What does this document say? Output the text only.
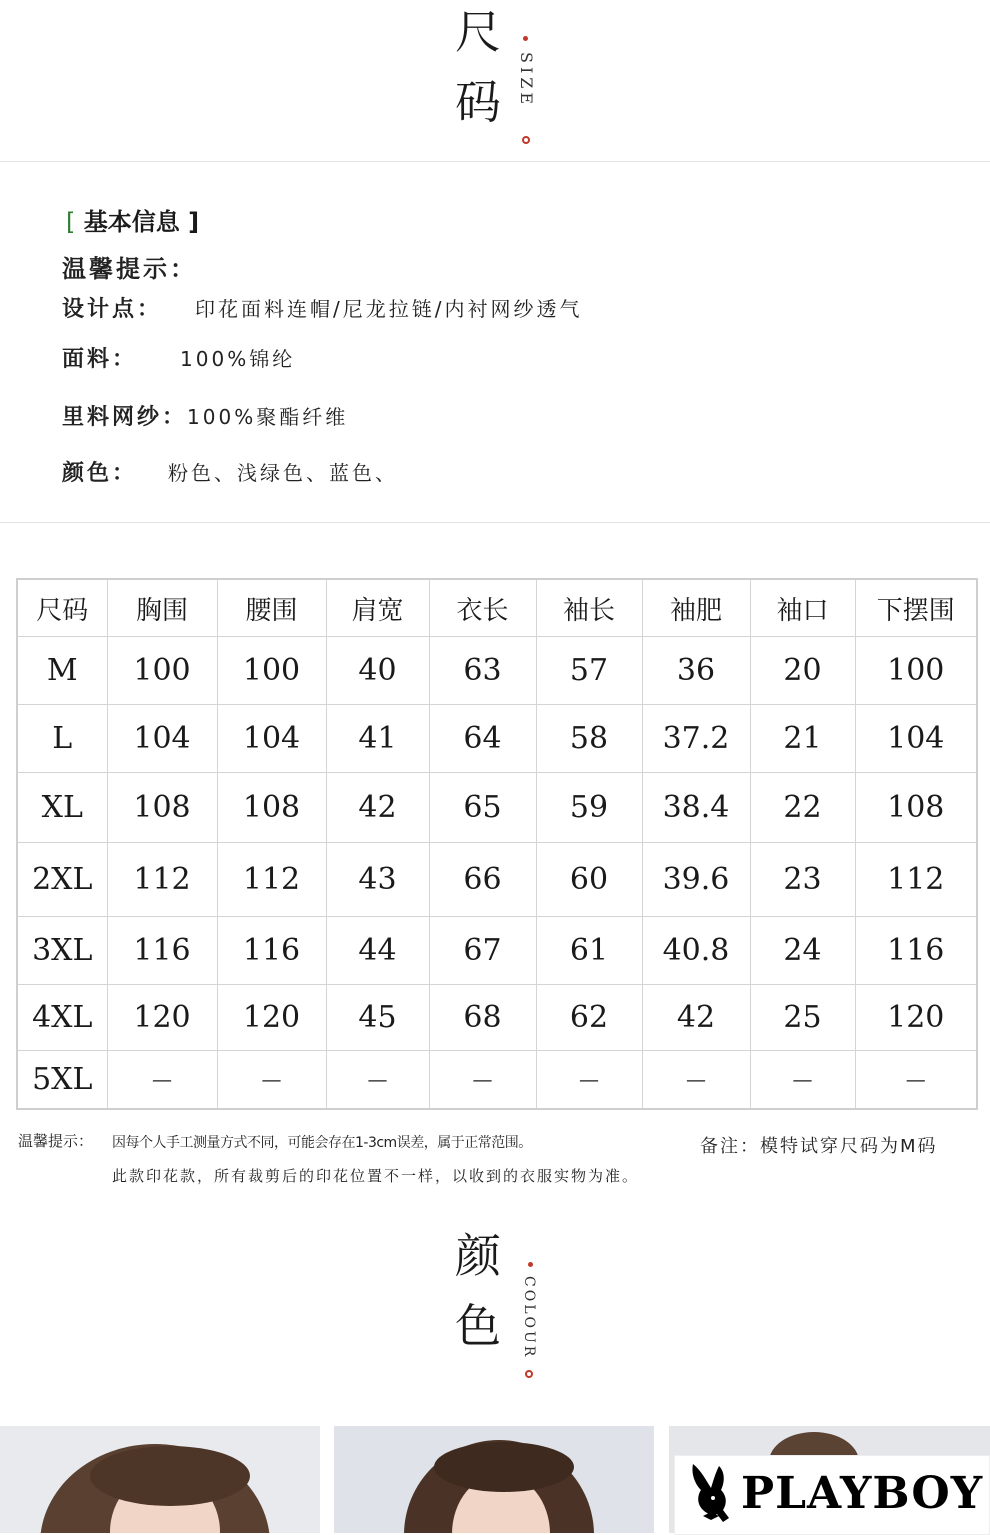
尺
码	SIZE
[ 基本信息 ]
温馨提示：
设计点： 印花面料连帽/尼龙拉链/内衬网纱透气
面料： 100%锦纶
里料网纱：100%聚酯纤维
颜色： 粉色、浅绿色、蓝色、
尺码	胸围	腰围	肩宽	衣长	袖长	袖肥	袖口	下摆围
M	100	100	40	63	57	36	20	100
L	104	104	41	64	58	37.2	21	104
XL	108	108	42	65	59	38.4	22	108
2XL	112	112	43	66	60	39.6	23	112
3XL	116	116	44	67	61	40.8	24	116
4XL	120	120	45	68	62	42	25	120
5XL	—	—	—	—	—	—	—	—
温馨提示： 因每个人手工测量方式不同，可能会存在1-3cm误差，属于正常范围。
此款印花款，所有裁剪后的印花位置不一样，以收到的衣服实物为准。
备注：模特试穿尺码为M码
颜
色	COLOUR
PLAYBOY
